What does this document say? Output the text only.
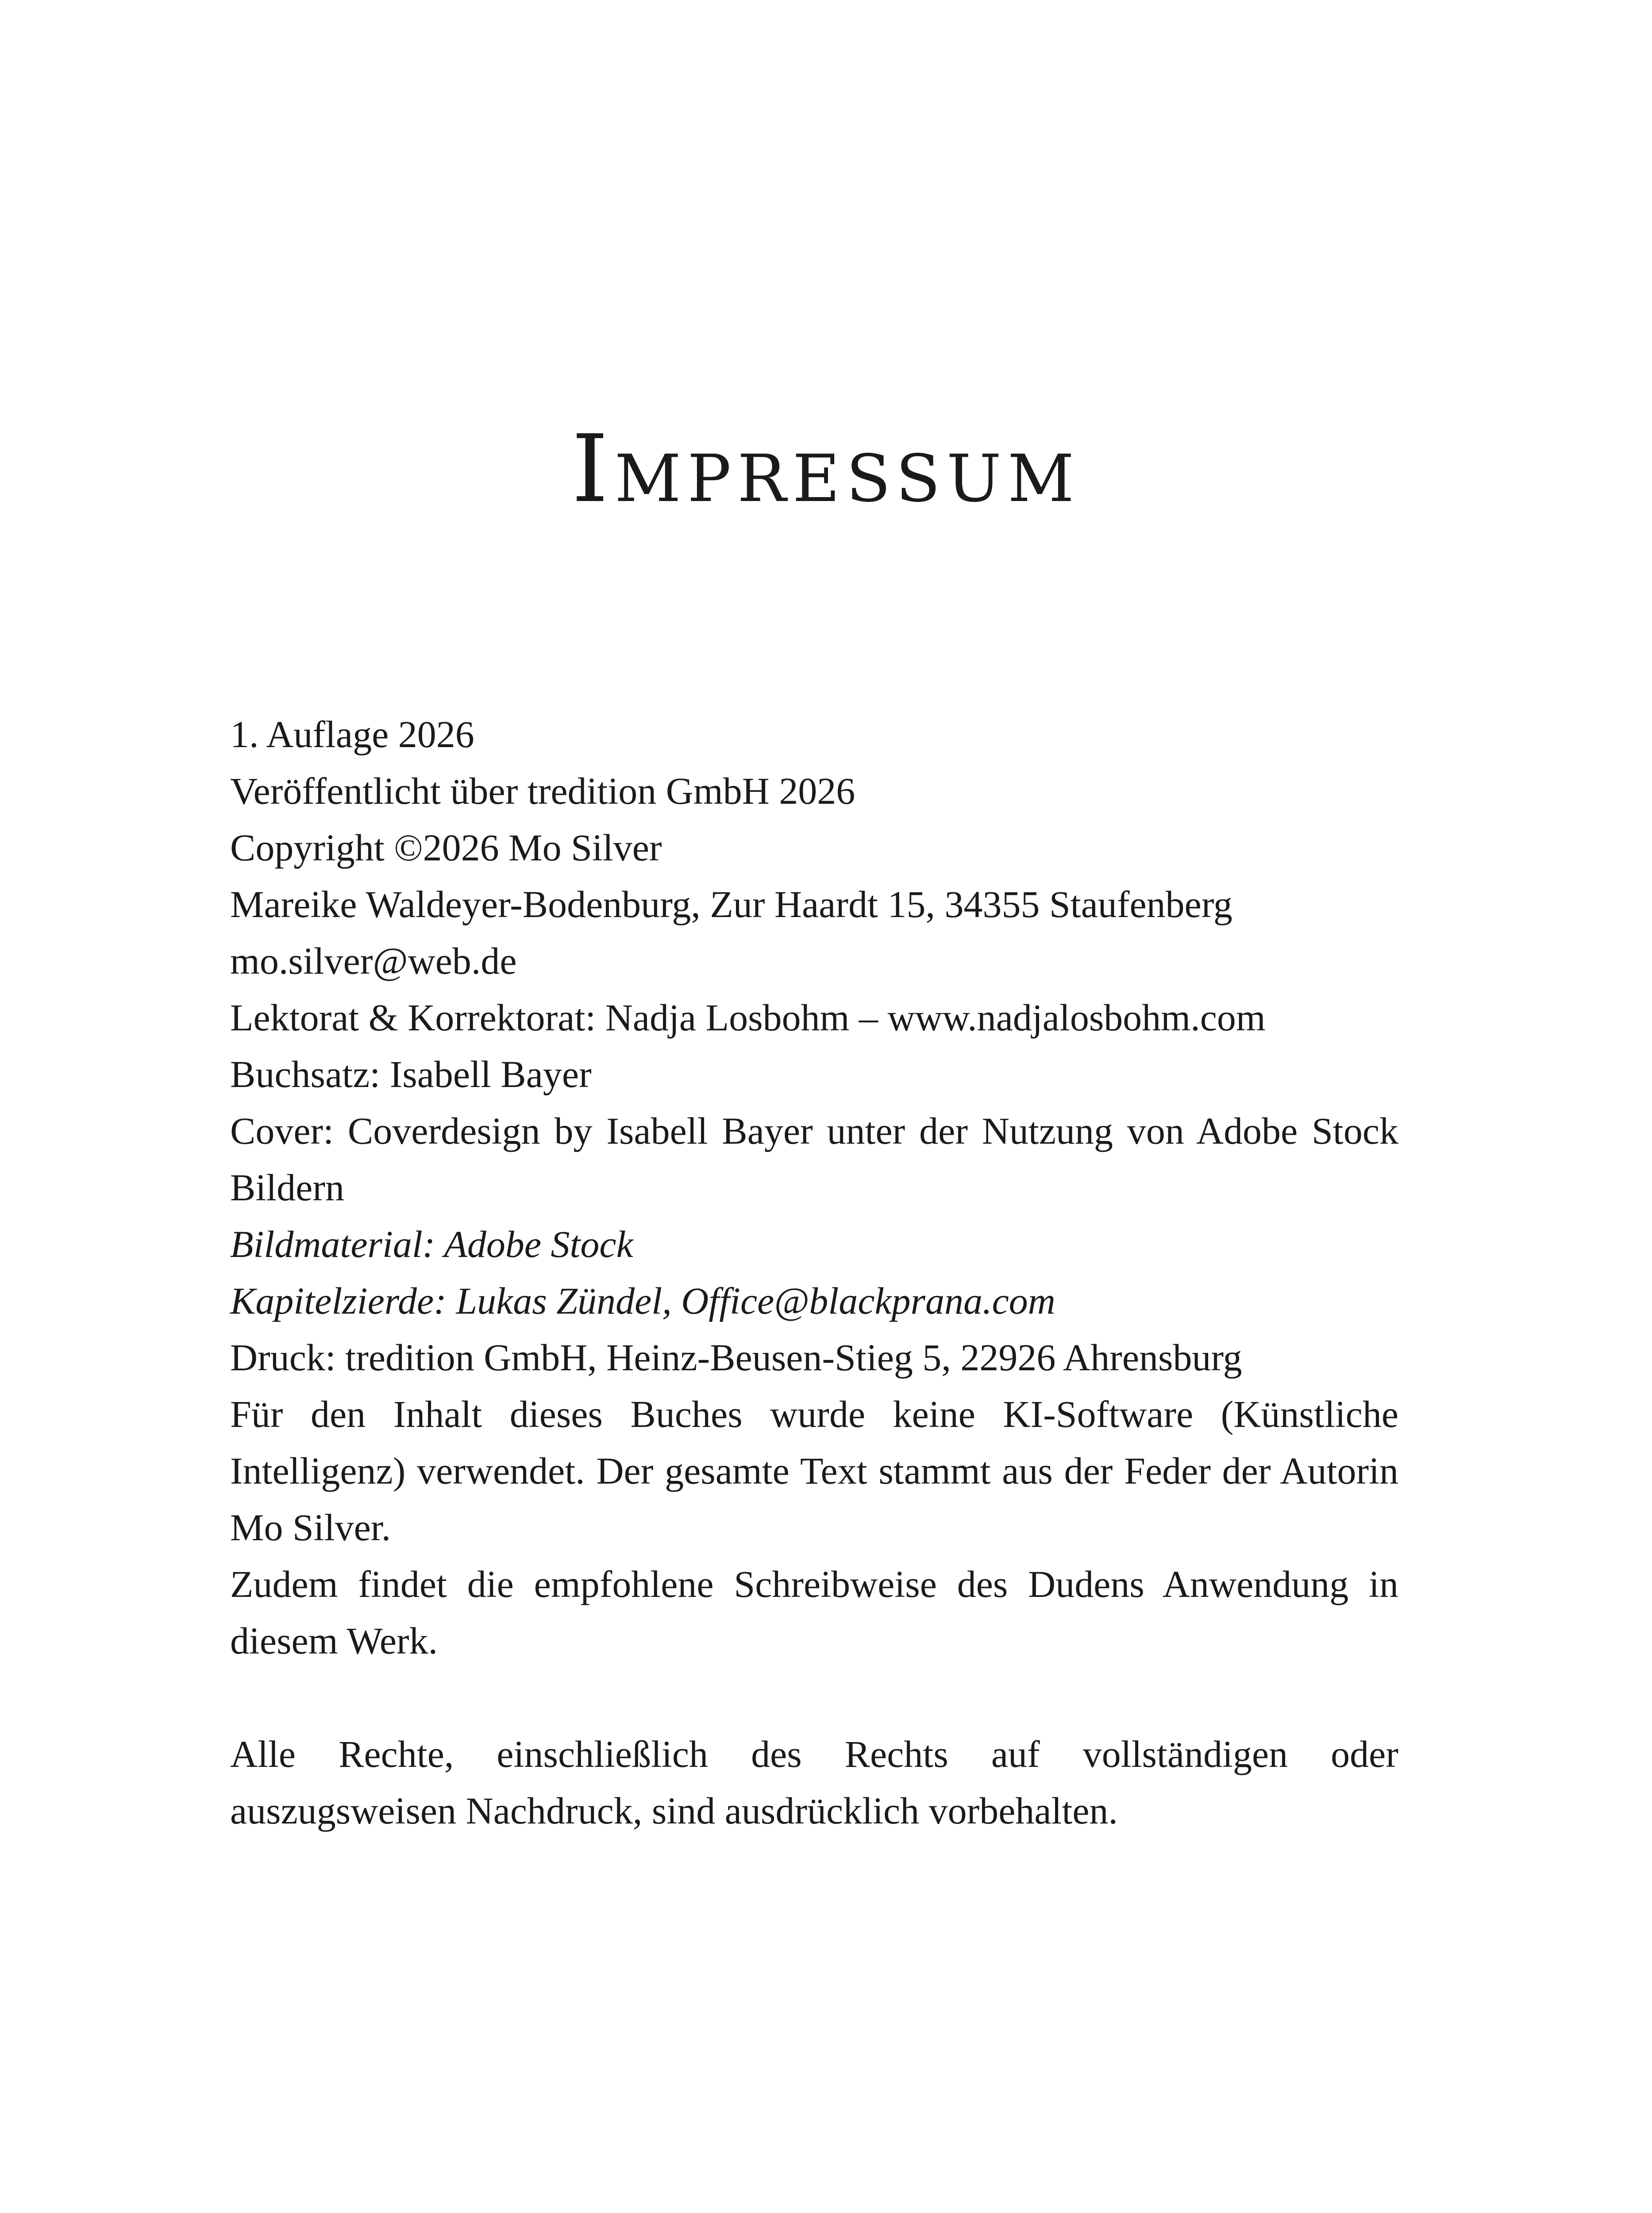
Impressum
1. Auflage 2026
Veröffentlicht über tredition GmbH 2026
Copyright ©2026 Mo Silver
Mareike Waldeyer-Bodenburg, Zur Haardt 15, 34355 Staufenberg
mo.silver@web.de
Lektorat & Korrektorat: Nadja Losbohm – www.nadjalosbohm.com
Buchsatz: Isabell Bayer
Cover: Coverdesign by Isabell Bayer unter der Nutzung von Adobe Stock Bildern
Bildmaterial: Adobe Stock
Kapitelzierde: Lukas Zündel, Office@blackprana.com
Druck: tredition GmbH, Heinz-Beusen-Stieg 5, 22926 Ahrensburg
Für den Inhalt dieses Buches wurde keine KI-Software (Künstliche Intelligenz) verwendet. Der gesamte Text stammt aus der Feder der Autorin Mo Silver.
Zudem findet die empfohlene Schreibweise des Dudens Anwendung in diesem Werk.
Alle Rechte, einschließlich des Rechts auf vollständigen oder auszugsweisen Nachdruck, sind ausdrücklich vorbehalten.
